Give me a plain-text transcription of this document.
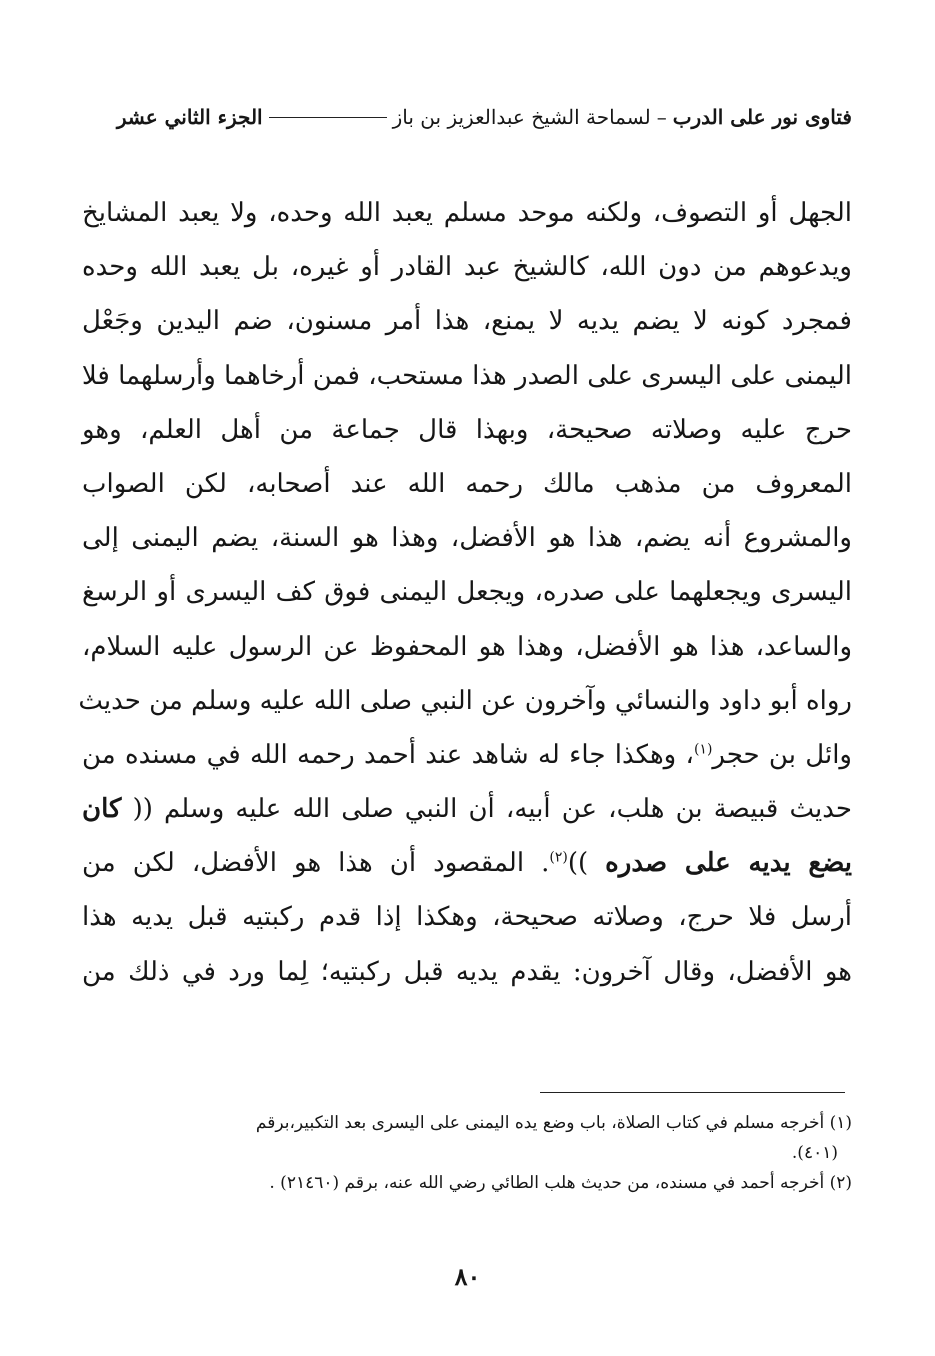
فتاوى نور على الدرب
–
لسماحة الشيخ عبدالعزيز بن باز
الجزء الثاني عشر
الجهل أو التصوف، ولكنه موحد مسلم يعبد الله وحده، ولا يعبد المشايخ
ويدعوهم من دون الله، كالشيخ عبد القادر أو غيره، بل يعبد الله وحده
فمجرد كونه لا يضم يديه لا يمنع، هذا أمر مسنون، ضم اليدين وجَعْل
اليمنى على اليسرى على الصدر هذا مستحب، فمن أرخاهما وأرسلهما فلا
حرج عليه وصلاته صحيحة، وبهذا قال جماعة من أهل العلم، وهو
المعروف من مذهب مالك رحمه الله عند أصحابه، لكن الصواب
والمشروع أنه يضم، هذا هو الأفضل، وهذا هو السنة، يضم اليمنى إلى
اليسرى ويجعلهما على صدره، ويجعل اليمنى فوق كف اليسرى أو الرسغ
والساعد، هذا هو الأفضل، وهذا هو المحفوظ عن الرسول عليه السلام،
رواه أبو داود والنسائي وآخرون عن النبي صلى الله عليه وسلم من حديث
وائل بن حجر$^{(١)}$، وهكذا جاء له شاهد عند أحمد رحمه الله في مسنده من
حديث قبيصة بن هلب، عن أبيه، أن النبي صلى الله عليه وسلم (( كان
يضع يديه على صدره ))$^{(٢)}$. المقصود أن هذا هو الأفضل، لكن من
أرسل فلا حرج، وصلاته صحيحة، وهكذا إذا قدم ركبتيه قبل يديه هذا
هو الأفضل، وقال آخرون: يقدم يديه قبل ركبتيه؛ لِما ورد في ذلك من
(١) أخرجه مسلم في كتاب الصلاة، باب وضع يده اليمنى على اليسرى بعد التكبير،برقم
(٤٠١).
(٢) أخرجه أحمد في مسنده، من حديث هلب الطائي رضي الله عنه، برقم (٢١٤٦٠) .
٨٠
